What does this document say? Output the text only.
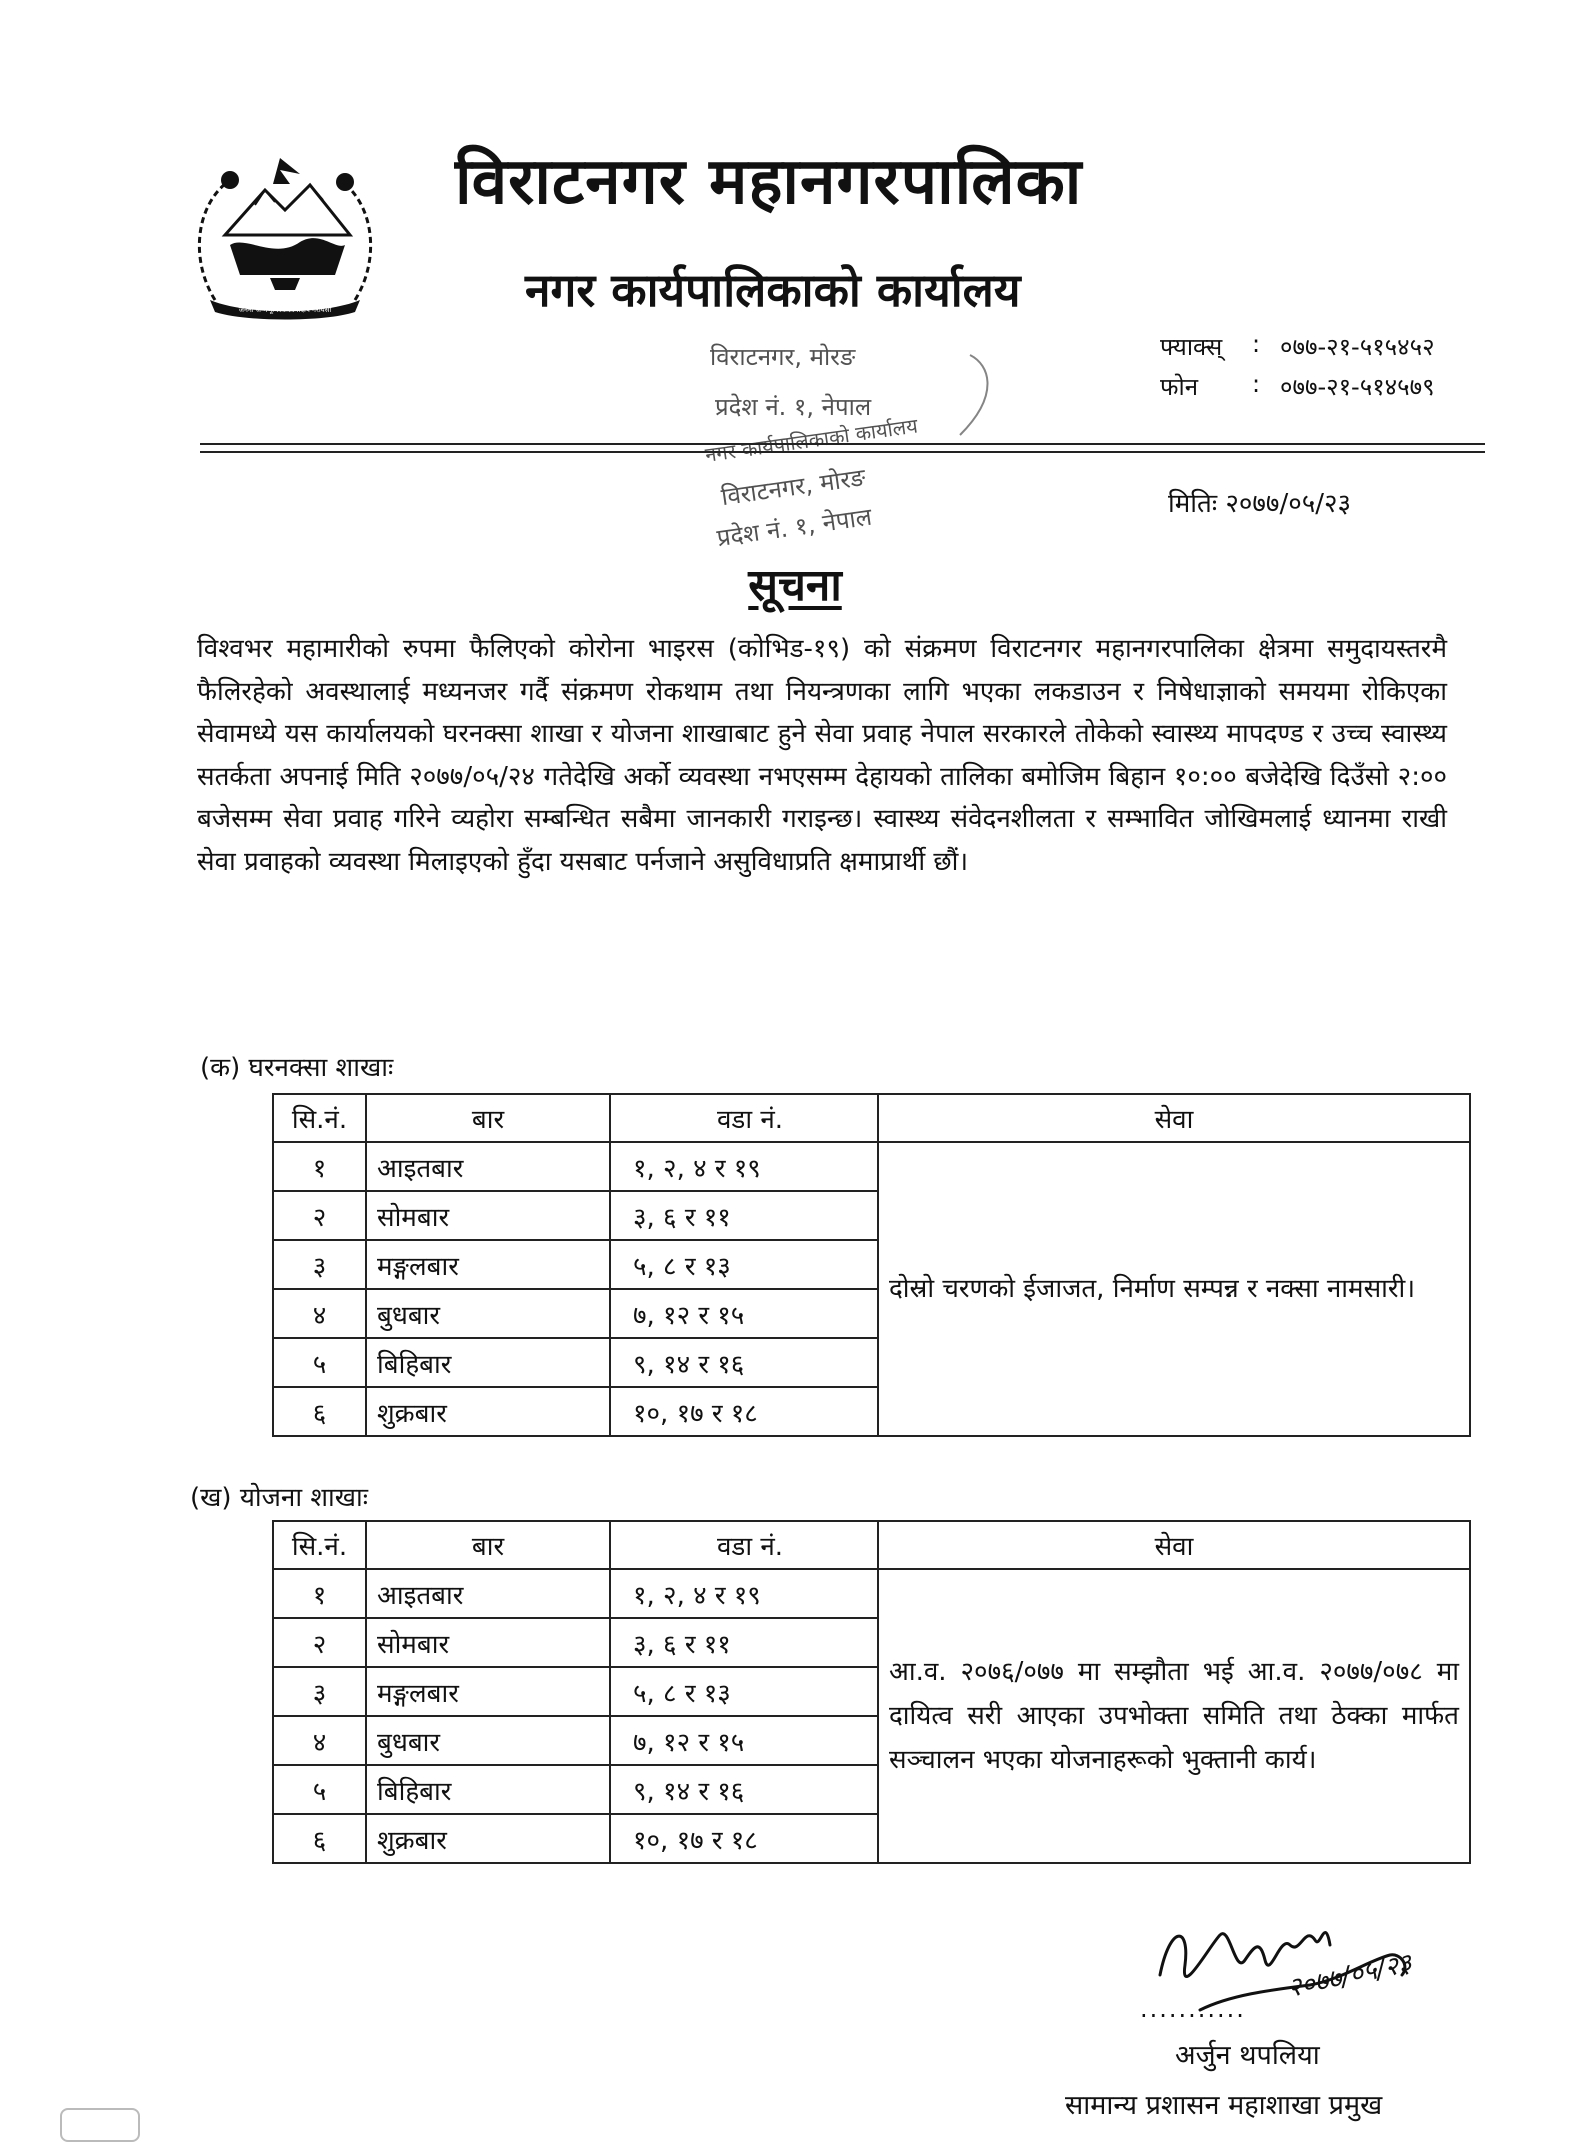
जननी जन्मभूमिश्च स्वर्गादपि गरीयसी
विराटनगर महानगरपालिका
नगर कार्यपालिकाको कार्यालय
फ्याक्स् : ०७७-२१-५१५४५२
फोन : ०७७-२१-५१४५७९
विराटनगर, मोरङ
प्रदेश नं. १, नेपाल
नगर कार्यपालिकाको कार्यालय
विराटनगर, मोरङ
प्रदेश नं. १, नेपाल	मितिः २०७७/०५/२३
सूचना
विश्वभर महामारीको रुपमा फैलिएको कोरोना भाइरस (कोभिड-१९) को संक्रमण विराटनगर महानगरपालिका क्षेत्रमा समुदायस्तरमै फैलिरहेको अवस्थालाई मध्यनजर गर्दै संक्रमण रोकथाम तथा नियन्त्रणका लागि भएका लकडाउन र निषेधाज्ञाको समयमा रोकिएका सेवामध्ये यस कार्यालयको घरनक्सा शाखा र योजना शाखाबाट हुने सेवा प्रवाह नेपाल सरकारले तोकेको स्वास्थ्य मापदण्ड र उच्च स्वास्थ्य सतर्कता अपनाई मिति २०७७/०५/२४ गतेदेखि अर्को व्यवस्था नभएसम्म देहायको तालिका बमोजिम बिहान १०:०० बजेदेखि दिउँसो २:०० बजेसम्म सेवा प्रवाह गरिने व्यहोरा सम्बन्धित सबैमा जानकारी गराइन्छ। स्वास्थ्य संवेदनशीलता र सम्भावित जोखिमलाई ध्यानमा राखी सेवा प्रवाहको व्यवस्था मिलाइएको हुँदा यसबाट पर्नजाने असुविधाप्रति क्षमाप्रार्थी छौं।
(क) घरनक्सा शाखाः
सि.नं.	बार	वडा नं.	सेवा
१	आइतबार	१, २, ४ र १९	दोस्रो चरणको ईजाजत, निर्माण सम्पन्न र नक्सा नामसारी।
२	सोमबार	३, ६ र ११	
३	मङ्गलबार	५, ८ र १३	
४	बुधबार	७, १२ र १५	
५	बिहिबार	९, १४ र १६	
६	शुक्रबार	१०, १७ र १८	
(ख) योजना शाखाः
सि.नं.	बार	वडा नं.	सेवा
१	आइतबार	१, २, ४ र १९	आ.व. २०७६/०७७ मा सम्झौता भई आ.व. २०७७/०७८ मा दायित्व सरी आएका उपभोक्ता समिति तथा ठेक्का मार्फत सञ्चालन भएका योजनाहरूको भुक्तानी कार्य।
२	सोमबार	३, ६ र ११	
३	मङ्गलबार	५, ८ र १३	
४	बुधबार	७, १२ र १५	
५	बिहिबार	९, १४ र १६	
६	शुक्रबार	१०, १७ र १८	
२०७७/०५/२३
...........
अर्जुन थपलिया
सामान्य प्रशासन महाशाखा प्रमुख
